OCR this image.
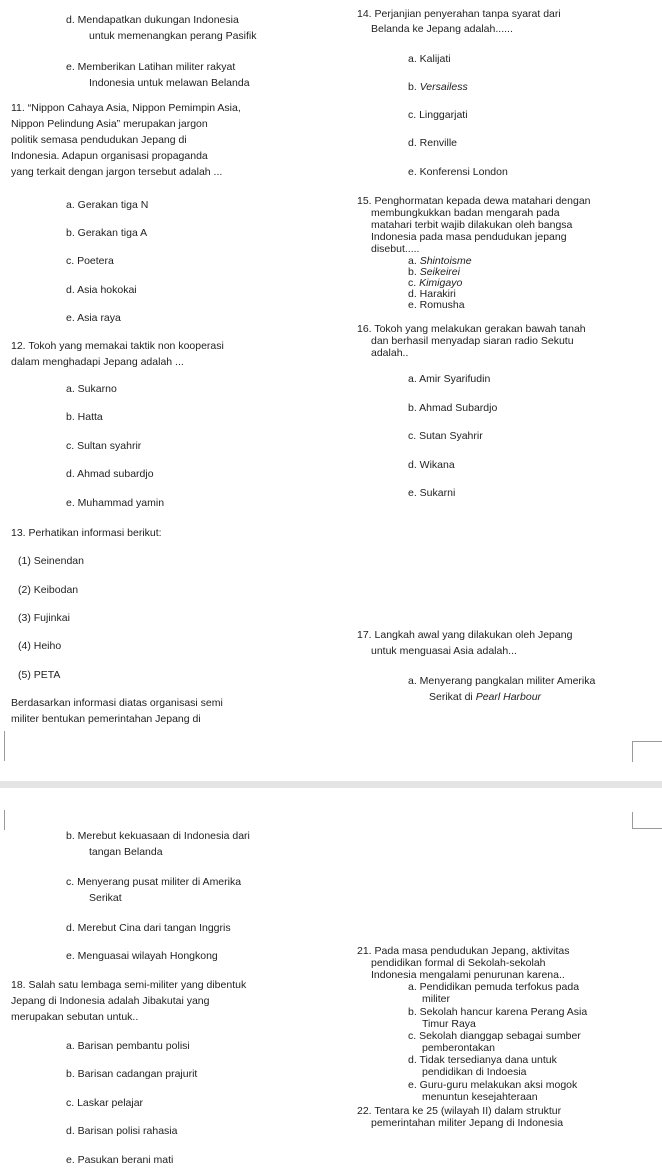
d. Mendapatkan dukungan Indonesia

untuk memenangkan perang Pasifik

e. Memberikan Latihan militer rakyat

Indonesia untuk melawan Belanda

11. “Nippon Cahaya Asia, Nippon Pemimpin Asia,

Nippon Pelindung Asia” merupakan jargon

politik semasa pendudukan Jepang di

Indonesia. Adapun organisasi propaganda

yang terkait dengan jargon tersebut adalah ...

a. Gerakan tiga N

b. Gerakan tiga A

c. Poetera

d. Asia hokokai

e. Asia raya

12. Tokoh yang memakai taktik non kooperasi

dalam menghadapi Jepang adalah ...

a. Sukarno

b. Hatta

c. Sultan syahrir

d. Ahmad subardjo

e. Muhammad yamin

13. Perhatikan informasi berikut:

(1) Seinendan

(2) Keibodan

(3) Fujinkai

(4) Heiho

(5) PETA

Berdasarkan informasi diatas organisasi semi

militer bentukan pemerintahan Jepang di

14. Perjanjian penyerahan tanpa syarat dari

Belanda ke Jepang adalah......

a. Kalijati

b. Versailess

c. Linggarjati

d. Renville

e. Konferensi London

15. Penghormatan kepada dewa matahari dengan

membungkukkan badan mengarah pada

matahari terbit wajib dilakukan oleh bangsa

Indonesia pada masa pendudukan jepang

disebut.....

a. Shintoisme

b. Seikeirei

c. Kimigayo

d. Harakiri

e. Romusha

16. Tokoh yang melakukan gerakan bawah tanah

dan berhasil menyadap siaran radio Sekutu

adalah..

a. Amir Syarifudin

b. Ahmad Subardjo

c. Sutan Syahrir

d. Wikana

e. Sukarni

17. Langkah awal yang dilakukan oleh Jepang

untuk menguasai Asia adalah...

a. Menyerang pangkalan militer Amerika

Serikat di Pearl Harbour

b. Merebut kekuasaan di Indonesia dari

tangan Belanda

c. Menyerang pusat militer di Amerika

Serikat

d. Merebut Cina dari tangan Inggris

e. Menguasai wilayah Hongkong

18. Salah satu lembaga semi-militer yang dibentuk

Jepang di Indonesia adalah Jibakutai yang

merupakan sebutan untuk..

a. Barisan pembantu polisi

b. Barisan cadangan prajurit

c. Laskar pelajar

d. Barisan polisi rahasia

e. Pasukan berani mati

21. Pada masa pendudukan Jepang, aktivitas

pendidikan formal di Sekolah-sekolah

Indonesia mengalami penurunan karena..

a. Pendidikan pemuda terfokus pada

militer

b. Sekolah hancur karena Perang Asia

Timur Raya

c. Sekolah dianggap sebagai sumber

pemberontakan

d. Tidak tersedianya dana untuk

pendidikan di Indoesia

e. Guru-guru melakukan aksi mogok

menuntun kesejahteraan

22. Tentara ke 25 (wilayah II) dalam struktur

pemerintahan militer Jepang di Indonesia
